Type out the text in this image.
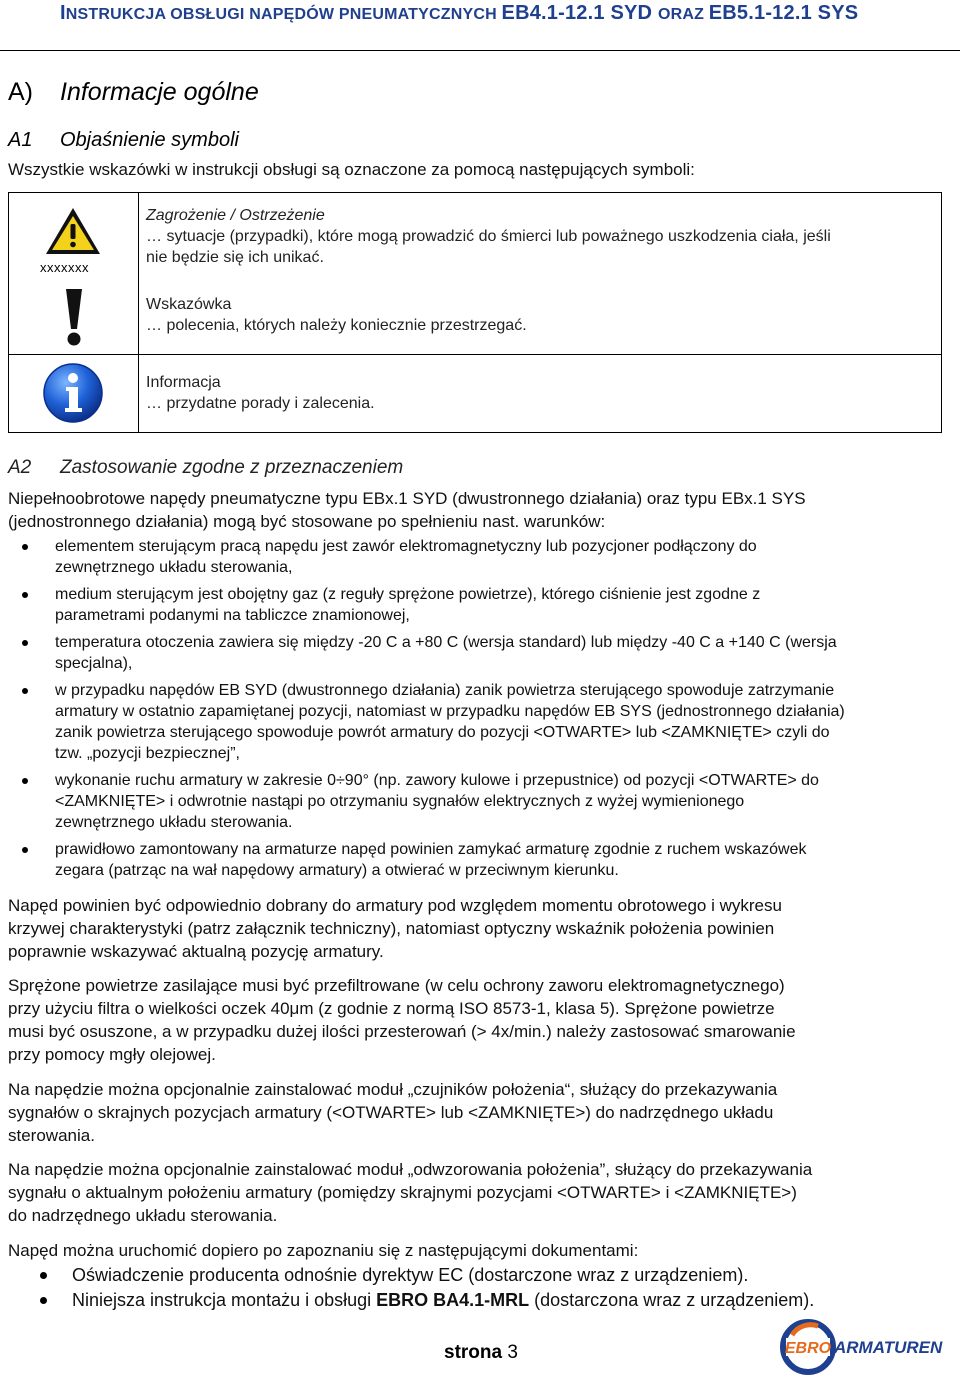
INSTRUKCJA OBSŁUGI NAPĘDÓW PNEUMATYCZNYCH EB4.1-12.1 SYD ORAZ EB5.1-12.1 SYS
A) Informacje ogólne
A1 Objaśnienie symboli
Wszystkie wskazówki w instrukcji obsługi są oznaczone za pomocą następujących symboli:
xxxxxxx
Zagrożenie / Ostrzeżenie
… sytuacje (przypadki), które mogą prowadzić do śmierci lub poważnego uszkodzenia ciała, jeśli
nie będzie się ich unikać.
Wskazówka
… polecenia, których należy koniecznie przestrzegać.
Informacja
… przydatne porady i zalecenia.
A2 Zastosowanie zgodne z przeznaczeniem
Niepełnoobrotowe napędy pneumatyczne typu EBx.1 SYD (dwustronnego działania) oraz typu EBx.1 SYS
(jednostronnego działania) mogą być stosowane po spełnieniu nast. warunków:
elementem sterującym pracą napędu jest zawór elektromagnetyczny lub pozycjoner podłączony do
zewnętrznego układu sterowania,
medium sterującym jest obojętny gaz (z reguły sprężone powietrze), którego ciśnienie jest zgodne z
parametrami podanymi na tabliczce znamionowej,
temperatura otoczenia zawiera się między -20 C a +80 C (wersja standard) lub między -40 C a +140 C (wersja
specjalna),
w przypadku napędów EB SYD (dwustronnego działania) zanik powietrza sterującego spowoduje zatrzymanie
armatury w ostatnio zapamiętanej pozycji, natomiast w przypadku napędów EB SYS (jednostronnego działania)
zanik powietrza sterującego spowoduje powrót armatury do pozycji <OTWARTE> lub <ZAMKNIĘTE> czyli do
tzw. „pozycji bezpiecznej”,
wykonanie ruchu armatury w zakresie 0÷90° (np. zawory kulowe i przepustnice) od pozycji <OTWARTE> do
<ZAMKNIĘTE> i odwrotnie nastąpi po otrzymaniu sygnałów elektrycznych z wyżej wymienionego
zewnętrznego układu sterowania.
prawidłowo zamontowany na armaturze napęd powinien zamykać armaturę zgodnie z ruchem wskazówek
zegara (patrząc na wał napędowy armatury) a otwierać w przeciwnym kierunku.
Napęd powinien być odpowiednio dobrany do armatury pod względem momentu obrotowego i wykresu
krzywej charakterystyki (patrz załącznik techniczny), natomiast optyczny wskaźnik położenia powinien
poprawnie wskazywać aktualną pozycję armatury.
Sprężone powietrze zasilające musi być przefiltrowane (w celu ochrony zaworu elektromagnetycznego)
przy użyciu filtra o wielkości oczek 40μm (z godnie z normą ISO 8573-1, klasa 5). Sprężone powietrze
musi być osuszone, a w przypadku dużej ilości przesterowań (> 4x/min.) należy zastosować smarowanie
przy pomocy mgły olejowej.
Na napędzie można opcjonalnie zainstalować moduł „czujników położenia“, służący do przekazywania
sygnałów o skrajnych pozycjach armatury (<OTWARTE> lub <ZAMKNIĘTE>) do nadrzędnego układu
sterowania.
Na napędzie można opcjonalnie zainstalować moduł „odwzorowania położenia”, służący do przekazywania
sygnału o aktualnym położeniu armatury (pomiędzy skrajnymi pozycjami <OTWARTE> i <ZAMKNIĘTE>)
do nadrzędnego układu sterowania.
Napęd można uruchomić dopiero po zapoznaniu się z następującymi dokumentami:
Oświadczenie producenta odnośnie dyrektyw EC (dostarczone wraz z urządzeniem).
Niniejsza instrukcja montażu i obsługi EBRO BA4.1-MRL (dostarczona wraz z urządzeniem).
strona 3	EBRO ARMATUREN
